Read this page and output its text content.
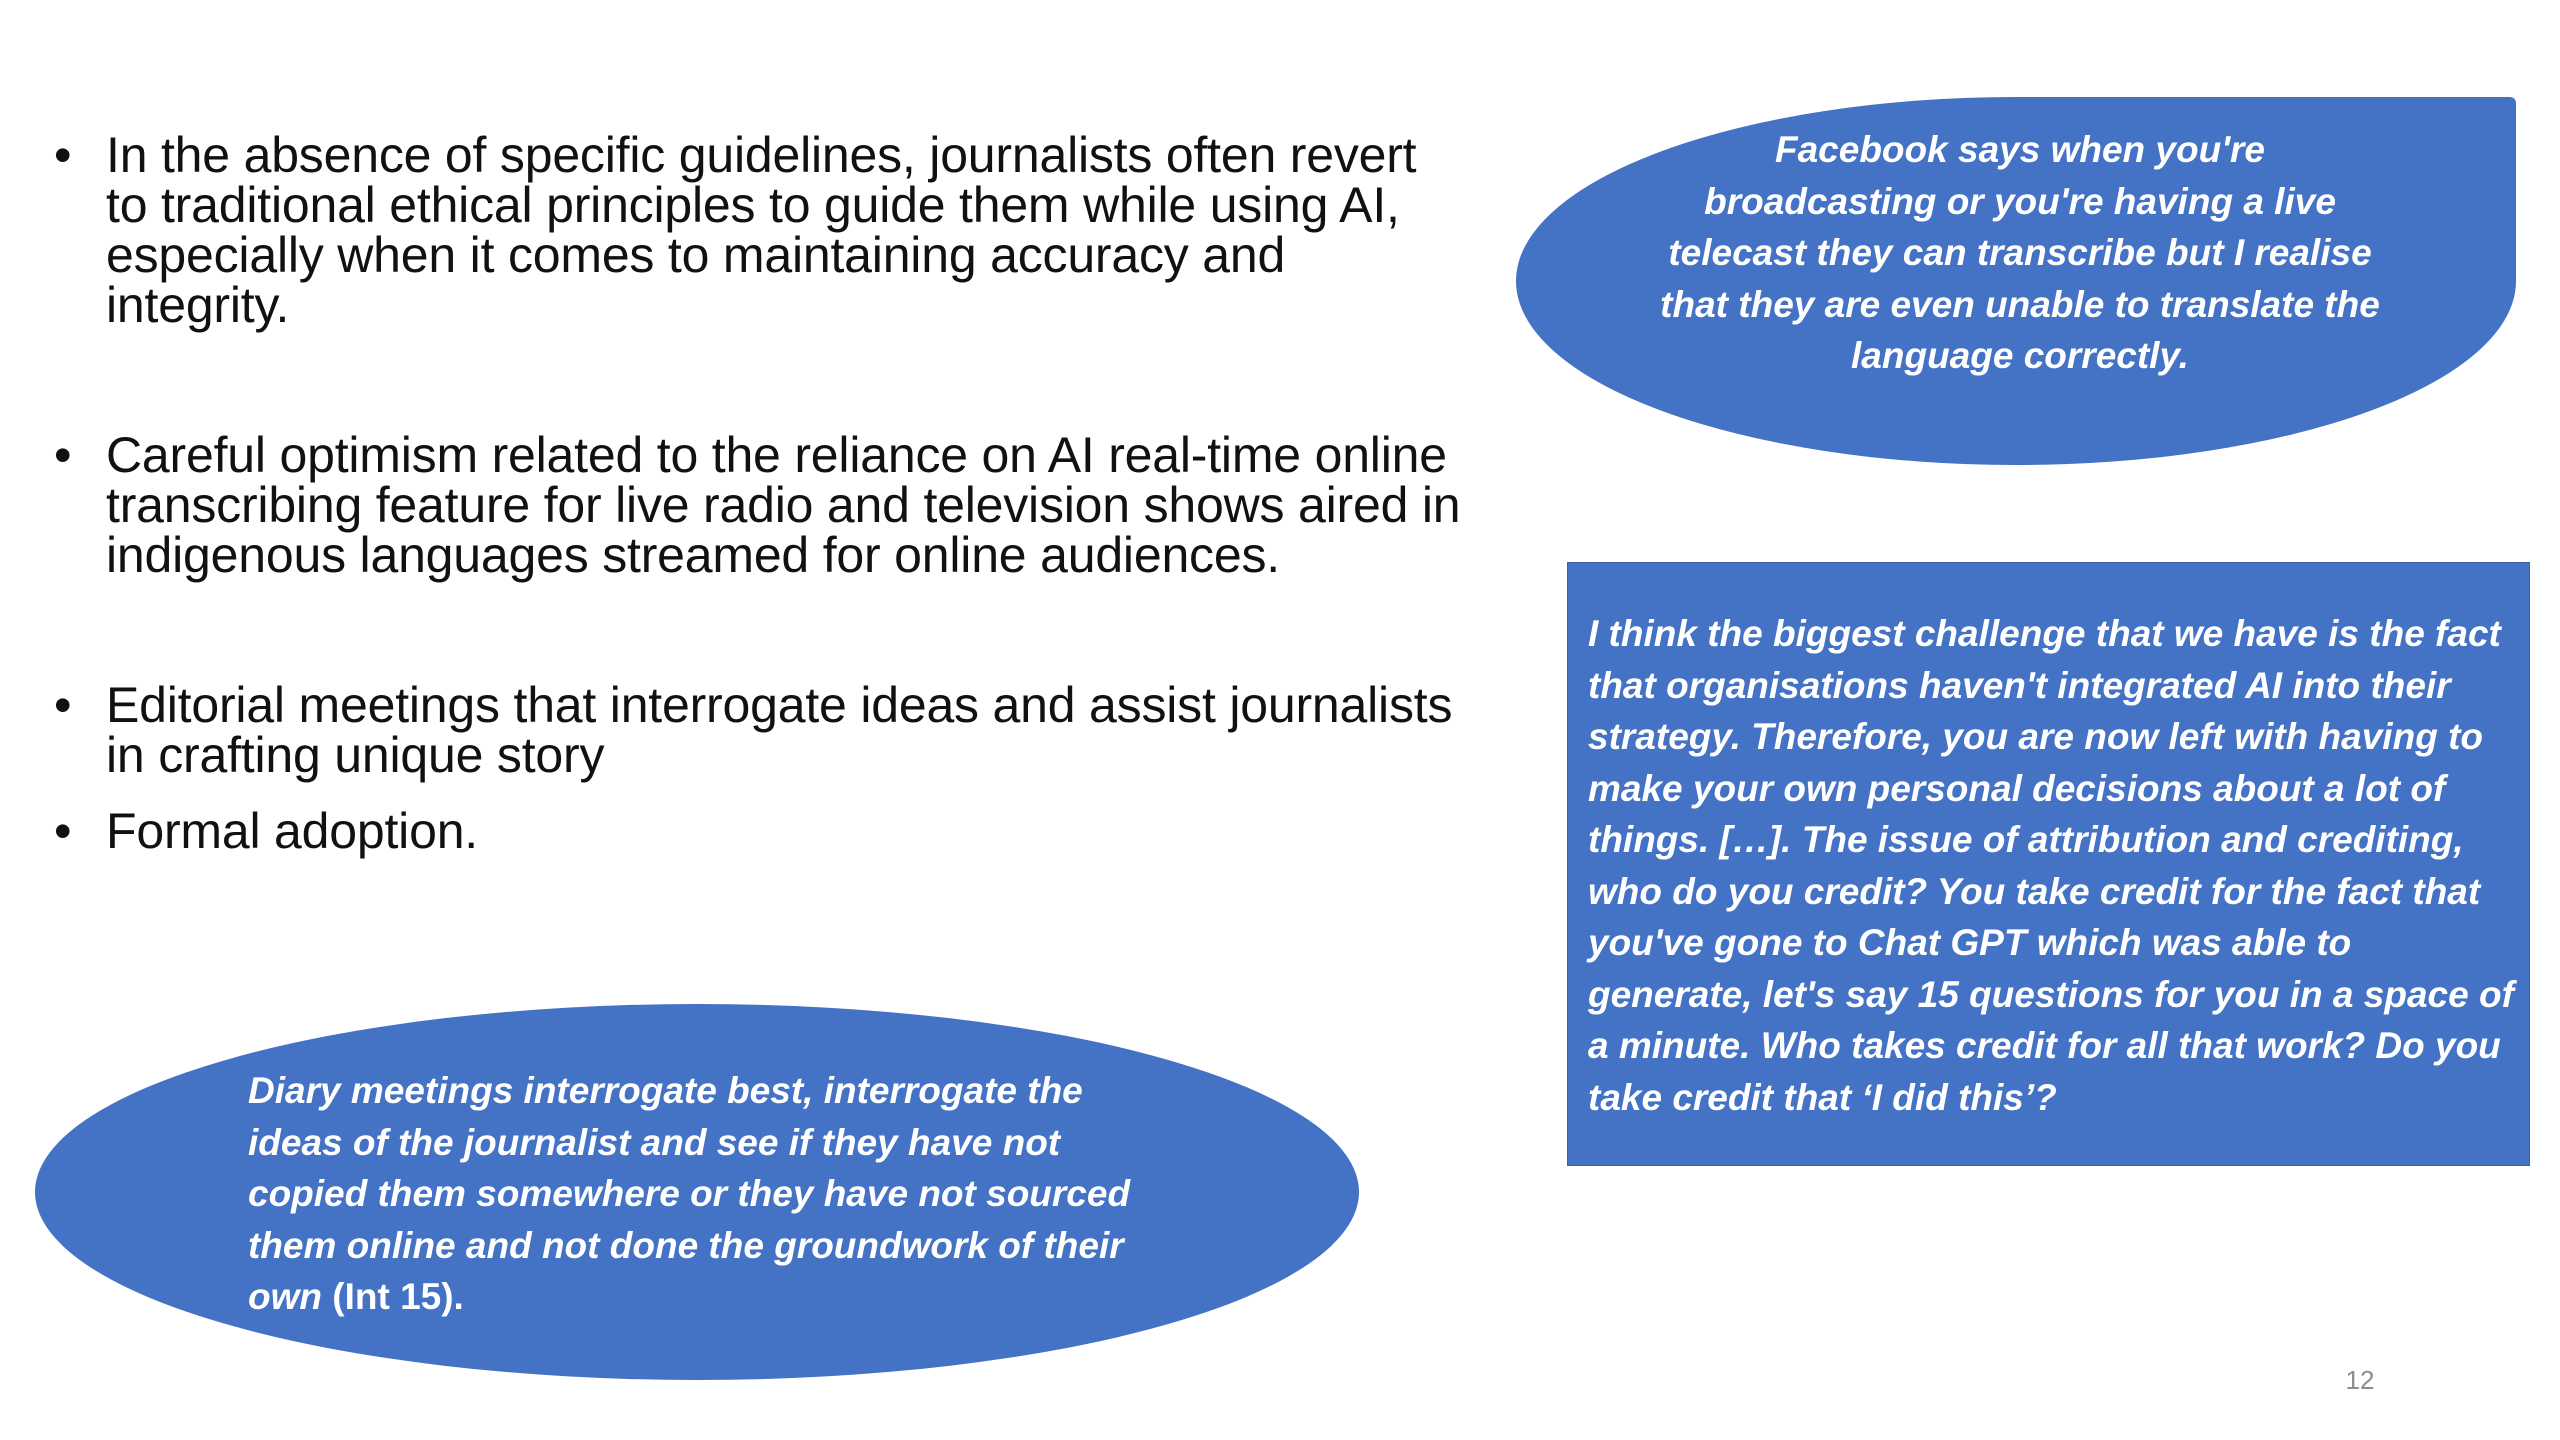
• In the absence of specific guidelines, journalists often revert to traditional ethical principles to guide them while using AI, especially when it comes to maintaining accuracy and integrity.
• Careful optimism related to the reliance on AI real-time online transcribing feature for live radio and television shows aired in indigenous languages streamed for online audiences.
• Editorial meetings that interrogate ideas and assist journalists in crafting unique story
• Formal adoption.
Facebook says when you're broadcasting or you're having a live telecast they can transcribe but I realise that they are even unable to translate the language correctly.
I think the biggest challenge that we have is the fact that organisations haven't integrated AI into their strategy. Therefore, you are now left with having to make your own personal decisions about a lot of things. […]. The issue of attribution and crediting, who do you credit? You take credit for the fact that you've gone to Chat GPT which was able to generate, let's say 15 questions for you in a space of a minute. Who takes credit for all that work? Do you take credit that ‘I did this’?
Diary meetings interrogate best, interrogate the ideas of the journalist and see if they have not copied them somewhere or they have not sourced them online and not done the groundwork of their own (Int 15).
12
